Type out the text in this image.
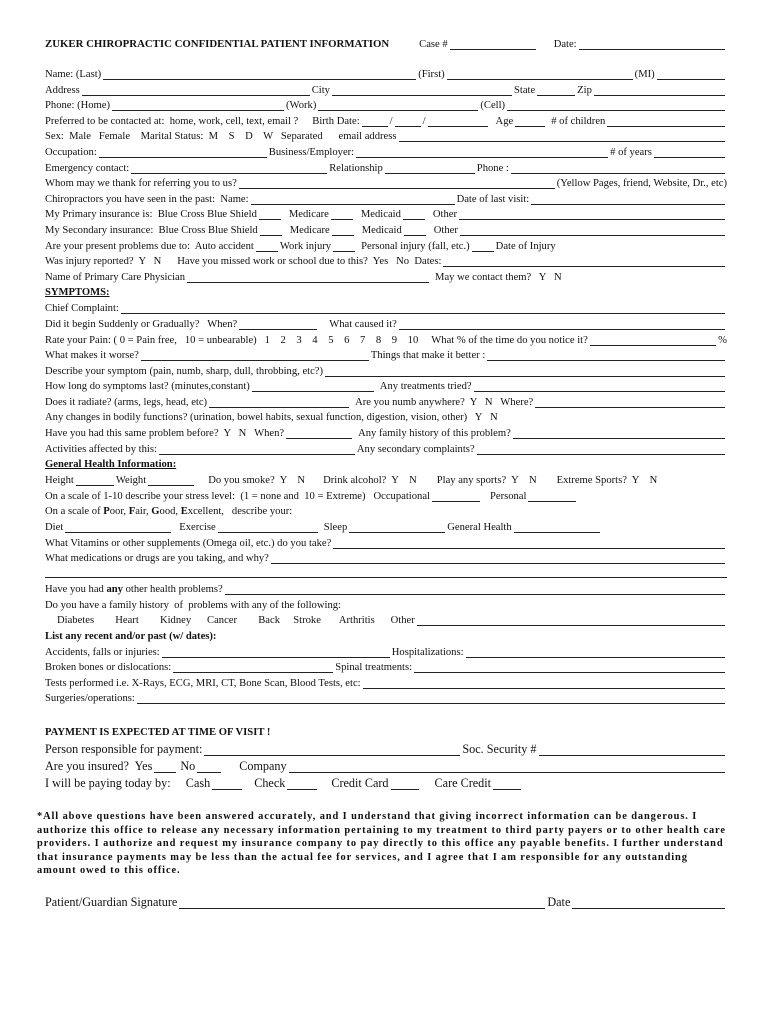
ZUKER CHIROPRACTIC CONFIDENTIAL PATIENT INFORMATION	Case #	Date:
Name: (Last)	(First)	(MI)
Address	City	State	Zip
Phone: (Home)	(Work)	(Cell)
Preferred to be contacted at:  home, work, cell, text, email ? Birth Date:	/	/	Age	# of children
Sex:  Male   Female    Marital Status:  M    S    D    W   Separated      email address
Occupation:	Business/Employer:	# of years
Emergency contact:	Relationship	Phone :
Whom may we thank for referring you to us?	(Yellow Pages, friend, Website, Dr., etc)
Chiropractors you have seen in the past:  Name:	Date of last visit:
My Primary insurance is:  Blue Cross Blue Shield	Medicare	Medicaid	Other
My Secondary insurance:  Blue Cross Blue Shield	Medicare	Medicaid	Other
Are your present problems due to:  Auto accident Work injury	Personal injury (fall, etc.) Date of Injury
Was injury reported?  Y   N      Have you missed work or school due to this?  Yes   No  Dates:
Name of Primary Care Physician	May we contact them?   Y   N
SYMPTOMS:
Chief Complaint:
Did it begin Suddenly or Gradually?   When?	What caused it?
Rate your Pain: ( 0 = Pain free,   10 = unbearable)   1    2    3    4    5    6    7    8    9    10     What % of the time do you notice it?	%
What makes it worse?	Things that make it better :
Describe your symptom (pain, numb, sharp, dull, throbbing, etc?)
How long do symptoms last? (minutes,constant)	Any treatments tried?
Does it radiate? (arms, legs, head, etc)	Are you numb anywhere?  Y   N   Where?
Any changes in bodily functions? (urination, bowel habits, sexual function, digestion, vision, other)   Y   N
Have you had this same problem before?  Y   N   When?	Any family history of this problem?
Activities affected by this:	Any secondary complaints?
General Health Information:
Height	Weight	Do you smoke?  Y    N Drink alcohol?  Y    N Play any sports?  Y    N Extreme Sports?  Y    N
On a scale of 1-10 describe your stress level:  (1 = none and  10 = Extreme)   Occupational	Personal
On a scale of P oor, F air, G ood, E xcellent,   describe your:
Diet	Exercise	Sleep	General Health
What Vitamins or other supplements (Omega oil, etc.) do you take?
What medications or drugs are you taking, and why?
Have you had any other health problems?
Do you have a family history  of  problems with any of the following:
Diabetes        Heart        Kidney      Cancer        Back     Stroke       Arthritis      Other
List any recent and/or past (w/ dates):
Accidents, falls or injuries:	Hospitalizations:
Broken bones or dislocations:	Spinal treatments:
Tests performed i.e. X-Rays, ECG, MRI, CT, Bone Scan, Blood Tests, etc:
Surgeries/operations:
PAYMENT IS EXPECTED AT TIME OF VISIT !
Person responsible for payment:	Soc. Security #
Are you insured?  Yes No	Company
I will be paying today by:     Cash	Check	Credit Card	Care Credit
*All above questions have been answered accurately, and I understand that giving incorrect information can be dangerous. I authorize this office to release any necessary information pertaining to my treatment to third party payers or to other health care providers. I authorize and request my insurance company to pay directly to this office any payable benefits. I further understand that insurance payments may be less than the actual fee for services, and I agree that I am responsible for any outstanding amount owed to this office.
Patient/Guardian Signature	Date
